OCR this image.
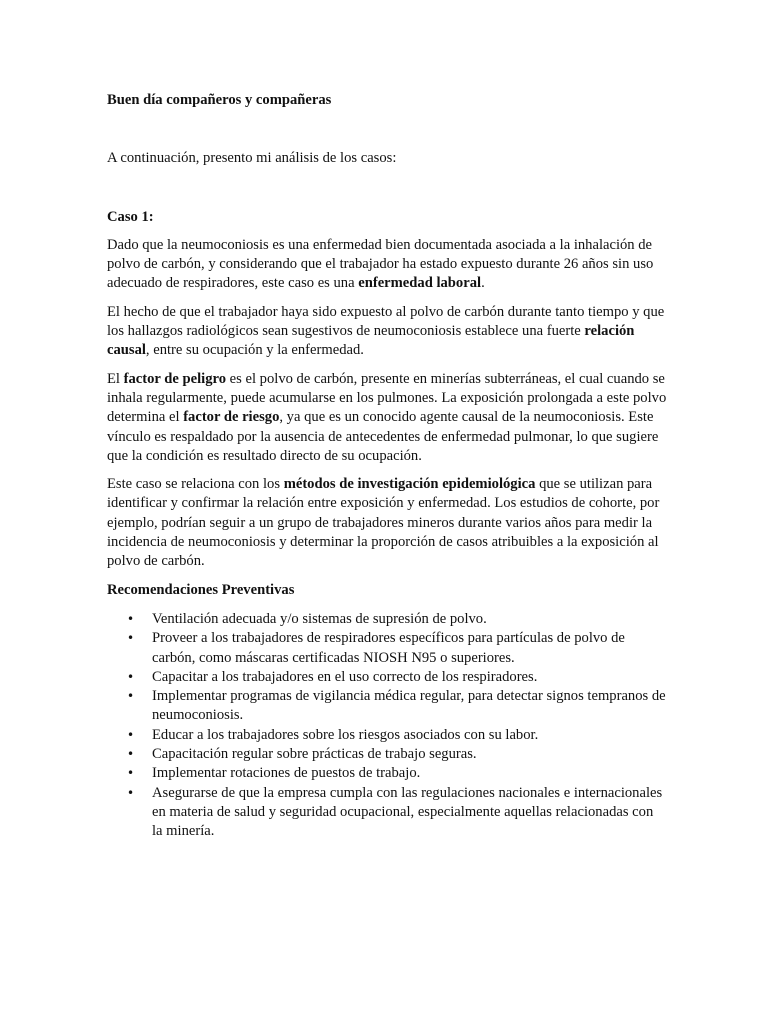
Buen día compañeros y compañeras

A continuación, presento mi análisis de los casos:

Caso 1:

Dado que la neumoconiosis es una enfermedad bien documentada asociada a la inhalación de polvo de carbón, y considerando que el trabajador ha estado expuesto durante 26 años sin uso adecuado de respiradores, este caso es una enfermedad laboral.

El hecho de que el trabajador haya sido expuesto al polvo de carbón durante tanto tiempo y que los hallazgos radiológicos sean sugestivos de neumoconiosis establece una fuerte relación causal, entre su ocupación y la enfermedad.

El factor de peligro es el polvo de carbón, presente en minerías subterráneas, el cual cuando se inhala regularmente, puede acumularse en los pulmones. La exposición prolongada a este polvo determina el factor de riesgo, ya que es un conocido agente causal de la neumoconiosis. Este vínculo es respaldado por la ausencia de antecedentes de enfermedad pulmonar, lo que sugiere que la condición es resultado directo de su ocupación.

Este caso se relaciona con los métodos de investigación epidemiológica que se utilizan para identificar y confirmar la relación entre exposición y enfermedad. Los estudios de cohorte, por ejemplo, podrían seguir a un grupo de trabajadores mineros durante varios años para medir la incidencia de neumoconiosis y determinar la proporción de casos atribuibles a la exposición al polvo de carbón.

Recomendaciones Preventivas

• Ventilación adecuada y/o sistemas de supresión de polvo.
• Proveer a los trabajadores de respiradores específicos para partículas de polvo de carbón, como máscaras certificadas NIOSH N95 o superiores.
• Capacitar a los trabajadores en el uso correcto de los respiradores.
• Implementar programas de vigilancia médica regular, para detectar signos tempranos de neumoconiosis.
• Educar a los trabajadores sobre los riesgos asociados con su labor.
• Capacitación regular sobre prácticas de trabajo seguras.
• Implementar rotaciones de puestos de trabajo.
• Asegurarse de que la empresa cumpla con las regulaciones nacionales e internacionales en materia de salud y seguridad ocupacional, especialmente aquellas relacionadas con la minería.
